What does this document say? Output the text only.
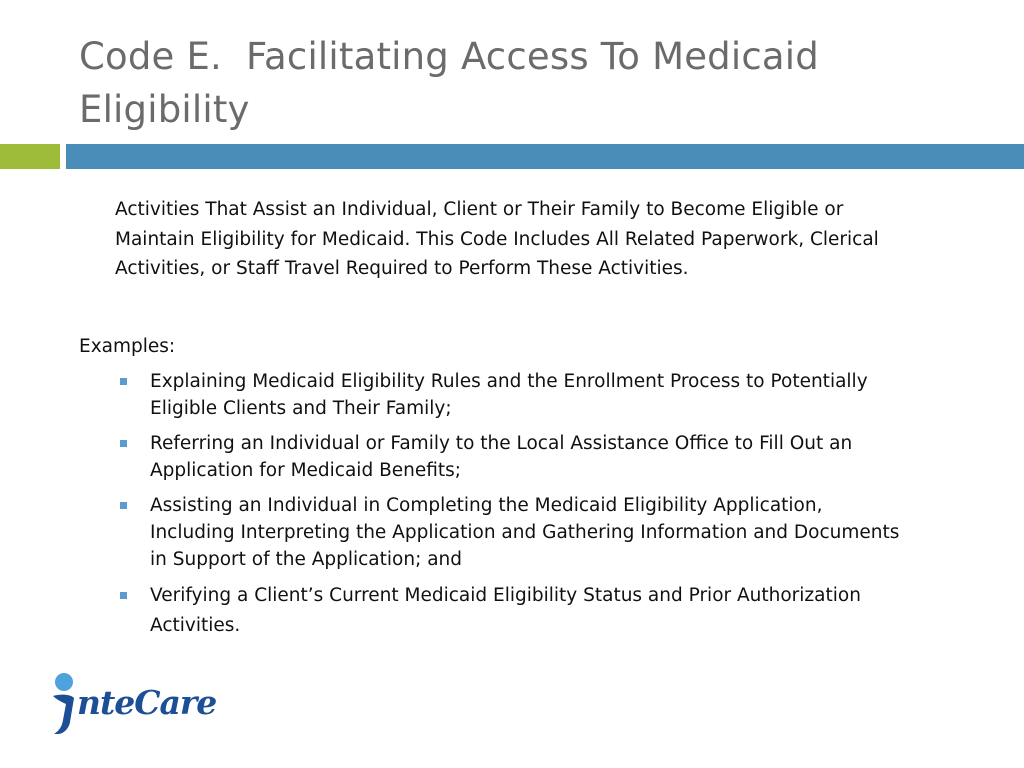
Code E.  Facilitating Access To Medicaid
Eligibility

Activities That Assist an Individual, Client or Their Family to Become Eligible or
Maintain Eligibility for Medicaid. This Code Includes All Related Paperwork, Clerical
Activities, or Staff Travel Required to Perform These Activities.

Examples:

Explaining Medicaid Eligibility Rules and the Enrollment Process to Potentially
Eligible Clients and Their Family;
Referring an Individual or Family to the Local Assistance Office to Fill Out an
Application for Medicaid Benefits;
Assisting an Individual in Completing the Medicaid Eligibility Application,
Including Interpreting the Application and Gathering Information and Documents
in Support of the Application; and
Verifying a Client’s Current Medicaid Eligibility Status and Prior Authorization
Activities.
nteCare
